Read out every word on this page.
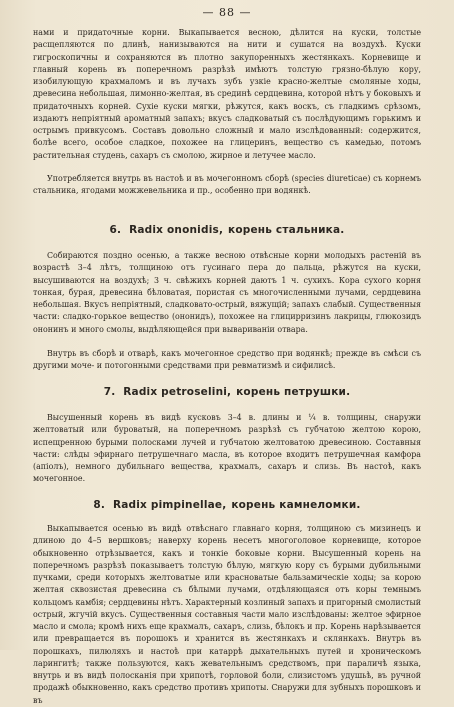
— 88 —

нами и придаточные корни. Выкапывается весною, дѣлится на куски, толстые расщепляются по длинѣ, нанизываются на нити и сушатся на воздухѣ. Куски гигроскопичны и сохраняются въ плотно закупоренныхъ жестянкахъ. Корневище и главный корень въ поперечномъ разрѣзѣ имѣютъ толстую грязно-бѣлую кору, изобилующую крахмаломъ и въ лучахъ зубъ узкіе красно-желтые смоляные ходы, древесина небольшая, лимонно-желтая, въ срединѣ сердцевина, которой нѣтъ у боковыхъ и придаточныхъ корней. Сухіе куски мягки, рѣжутся, какъ воскъ, съ гладкимъ срѣзомъ, издаютъ непріятный ароматный запахъ; вкусъ сладковатый съ послѣдующимъ горькимъ и острымъ привкусомъ. Составъ довольно сложный и мало изслѣдованный: содержится, болѣе всего, особое сладкое, похожее на глицеринъ, вещество съ камедью, потомъ растительная студень, сахаръ съ смолою, жирное и летучее масло.

Употребляется внутрь въ настоѣ и въ мочегонномъ сборѣ (species diureticae) съ корнемъ стальника, ягодами можжевельника и пр., особенно при водянкѣ.

6. Radix ononidis, корень стальника.

Собираются поздно осенью, а также весною отвѣсные корни молодыхъ растеній въ возрастѣ 3–4 лѣтъ, толщиною отъ гусинаго пера до пальца, рѣжутся на куски, высушиваются на воздухѣ; 3 ч. свѣжихъ корней даютъ 1 ч. сухихъ. Кора сухого корня тонкая, бурая, древесина бѣловатая, пористая съ многочисленными лучами, сердцевина небольшая. Вкусъ непріятный, сладковато-острый, вяжущій; запахъ слабый. Существенныя части: сладко-горькое вещество (ононидъ), похожее на глицирризинъ лакрицы, глюкозидъ ононинъ и много смолы, выдѣляющейся при вывариваніи отвара.

Внутрь въ сборѣ и отварѣ, какъ мочегонное средство при водянкѣ; прежде въ смѣси съ другими моче- и потогонными средствами при ревматизмѣ и сифилисѣ.

7. Radix petroselini, корень петрушки.

Высушенный корень въ видѣ кусковъ 3–4 в. длины и ¼ в. толщины, снаружи желтоватый или буроватый, на поперечномъ разрѣзѣ съ губчатою желтою корою, испещренною бурыми полосками лучей и губчатою желтоватою древесиною. Составныя части: слѣды эфирнаго петрушечнаго масла, въ которое входитъ петрушечная камфора (апіолъ), немного дубильнаго вещества, крахмалъ, сахаръ и слизь. Въ настоѣ, какъ мочегонное.

8. Radix pimpinellae, корень камнеломки.

Выкапывается осенью въ видѣ отвѣснаго главнаго корня, толщиною съ мизинецъ и длиною до 4–5 вершковъ; наверху корень несетъ многоголовое корневище, которое обыкновенно отрѣзывается, какъ и тонкіе боковые корни. Высушенный корень на поперечномъ разрѣзѣ показываетъ толстую бѣлую, мягкую кору съ бурыми дубильными пучками, среди которыхъ желтоватые или красноватые бальзамическіе ходы; за корою желтая сквозистая древесина съ бѣлыми лучами, отдѣляющаяся отъ коры темнымъ кольцомъ камбія; сердцевины нѣтъ. Характерный козлиный запахъ и пригорный смолистый острый, жгучій вкусъ. Существенныя составныя части мало изслѣдованы: желтое эфирное масло и смола; кромѣ нихъ еще крахмалъ, сахаръ, слизь, бѣлокъ и пр. Корень нарѣзывается или превращается въ порошокъ и хранится въ жестянкахъ и склянкахъ. Внутрь въ порошкахъ, пилюляхъ и настоѣ при катаррѣ дыхательныхъ путей и хроническомъ ларингитѣ; также пользуются, какъ жевательнымъ средствомъ, при параличѣ языка, внутрь и въ видѣ полосканія при хрипотѣ, горловой боли, слизистомъ удушьѣ, въ ручной продажѣ обыкновенно, какъ средство противъ хрипоты. Снаружи для зубныхъ порошковъ и въ
